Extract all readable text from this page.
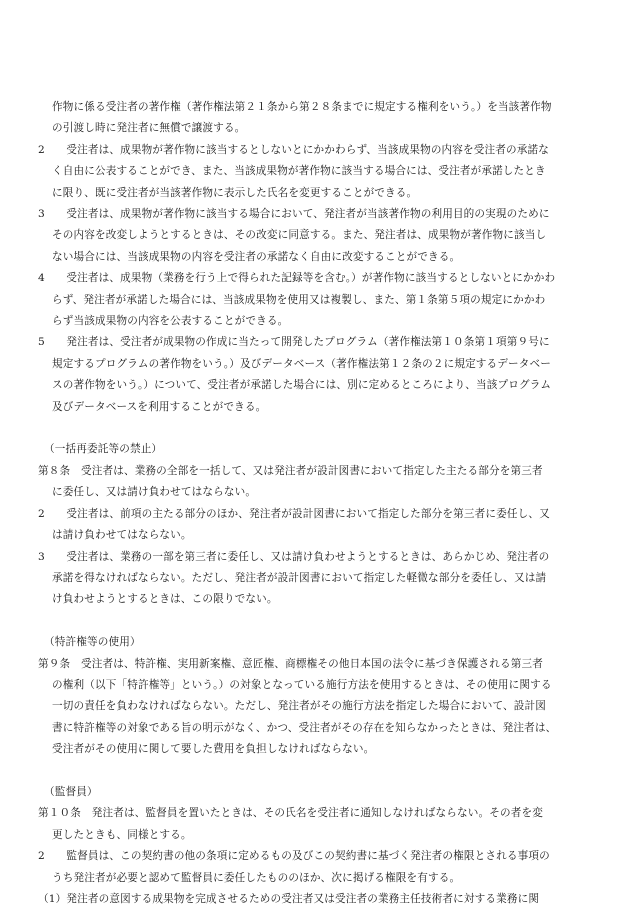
作物に係る受注者の著作権（著作権法第２１条から第２８条までに規定する権利をいう。）を当該著作物
の引渡し時に発注者に無償で譲渡する。
2　　受注者は、成果物が著作物に該当するとしないとにかかわらず、当該成果物の内容を受注者の承諾な
く自由に公表することができ、また、当該成果物が著作物に該当する場合には、受注者が承諾したとき
に限り、既に受注者が当該著作物に表示した氏名を変更することができる。
3　　受注者は、成果物が著作物に該当する場合において、発注者が当該著作物の利用目的の実現のために
その内容を改変しようとするときは、その改変に同意する。また、発注者は、成果物が著作物に該当し
ない場合には、当該成果物の内容を受注者の承諾なく自由に改変することができる。
4　　受注者は、成果物（業務を行う上で得られた記録等を含む。）が著作物に該当するとしないとにかかわ
らず、発注者が承諾した場合には、当該成果物を使用又は複製し、また、第１条第５項の規定にかかわ
らず当該成果物の内容を公表することができる。
5　　発注者は、受注者が成果物の作成に当たって開発したプログラム（著作権法第１０条第１項第９号に
規定するプログラムの著作物をいう。）及びデータベース（著作権法第１２条の２に規定するデータベー
スの著作物をいう。）について、受注者が承諾した場合には、別に定めるところにより、当該プログラム
及びデータベースを利用することができる。
（一括再委託等の禁止）
第８条　受注者は、業務の全部を一括して、又は発注者が設計図書において指定した主たる部分を第三者
に委任し、又は請け負わせてはならない。
2　　受注者は、前項の主たる部分のほか、発注者が設計図書において指定した部分を第三者に委任し、又
は請け負わせてはならない。
3　　受注者は、業務の一部を第三者に委任し、又は請け負わせようとするときは、あらかじめ、発注者の
承諾を得なければならない。ただし、発注者が設計図書において指定した軽微な部分を委任し、又は請
け負わせようとするときは、この限りでない。
（特許権等の使用）
第９条　受注者は、特許権、実用新案権、意匠権、商標権その他日本国の法令に基づき保護される第三者
の権利（以下「特許権等」という。）の対象となっている施行方法を使用するときは、その使用に関する
一切の責任を負わなければならない。ただし、発注者がその施行方法を指定した場合において、設計図
書に特許権等の対象である旨の明示がなく、かつ、受注者がその存在を知らなかったときは、発注者は、
受注者がその使用に関して要した費用を負担しなければならない。
（監督員）
第１０条　発注者は、監督員を置いたときは、その氏名を受注者に通知しなければならない。その者を変
更したときも、同様とする。
2　　監督員は、この契約書の他の条項に定めるもの及びこの契約書に基づく発注者の権限とされる事項の
うち発注者が必要と認めて監督員に委任したもののほか、次に掲げる権限を有する。
（1）発注者の意図する成果物を完成させるための受注者又は受注者の業務主任技術者に対する業務に関
